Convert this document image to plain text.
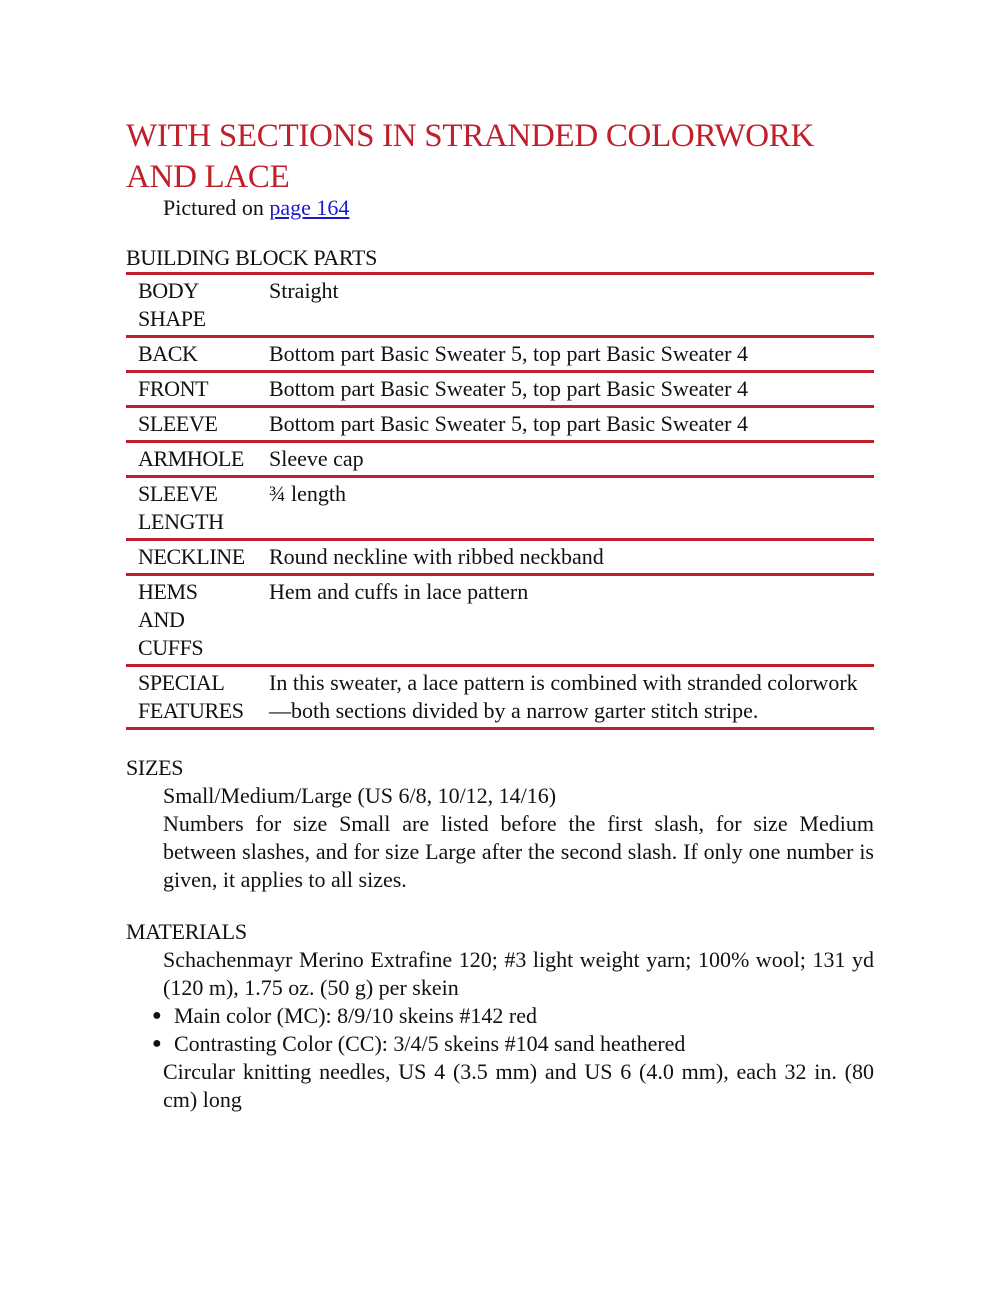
WITH SECTIONS IN STRANDED COLORWORK AND LACE
Pictured on page 164
BUILDING BLOCK PARTS
BODY
SHAPE	Straight
BACK	Bottom part Basic Sweater 5, top part Basic Sweater 4
FRONT	Bottom part Basic Sweater 5, top part Basic Sweater 4
SLEEVE	Bottom part Basic Sweater 5, top part Basic Sweater 4
ARMHOLE	Sleeve cap
SLEEVE
LENGTH	¾ length
NECKLINE	Round neckline with ribbed neckband
HEMS
AND
CUFFS	Hem and cuffs in lace pattern
SPECIAL
FEATURES	In this sweater, a lace pattern is combined with stranded colorwork—both sections divided by a narrow garter stitch stripe.
SIZES
Small/Medium/Large (US 6/8, 10/12, 14/16)
Numbers for size Small are listed before the first slash, for size Medium between slashes, and for size Large after the second slash. If only one number is given, it applies to all sizes.
MATERIALS
Schachenmayr Merino Extrafine 120; #3 light weight yarn; 100% wool; 131 yd (120 m), 1.75 oz. (50 g) per skein
● Main color (MC): 8/9/10 skeins #142 red
● Contrasting Color (CC): 3/4/5 skeins #104 sand heathered
Circular knitting needles, US 4 (3.5 mm) and US 6 (4.0 mm), each 32 in. (80 cm) long
